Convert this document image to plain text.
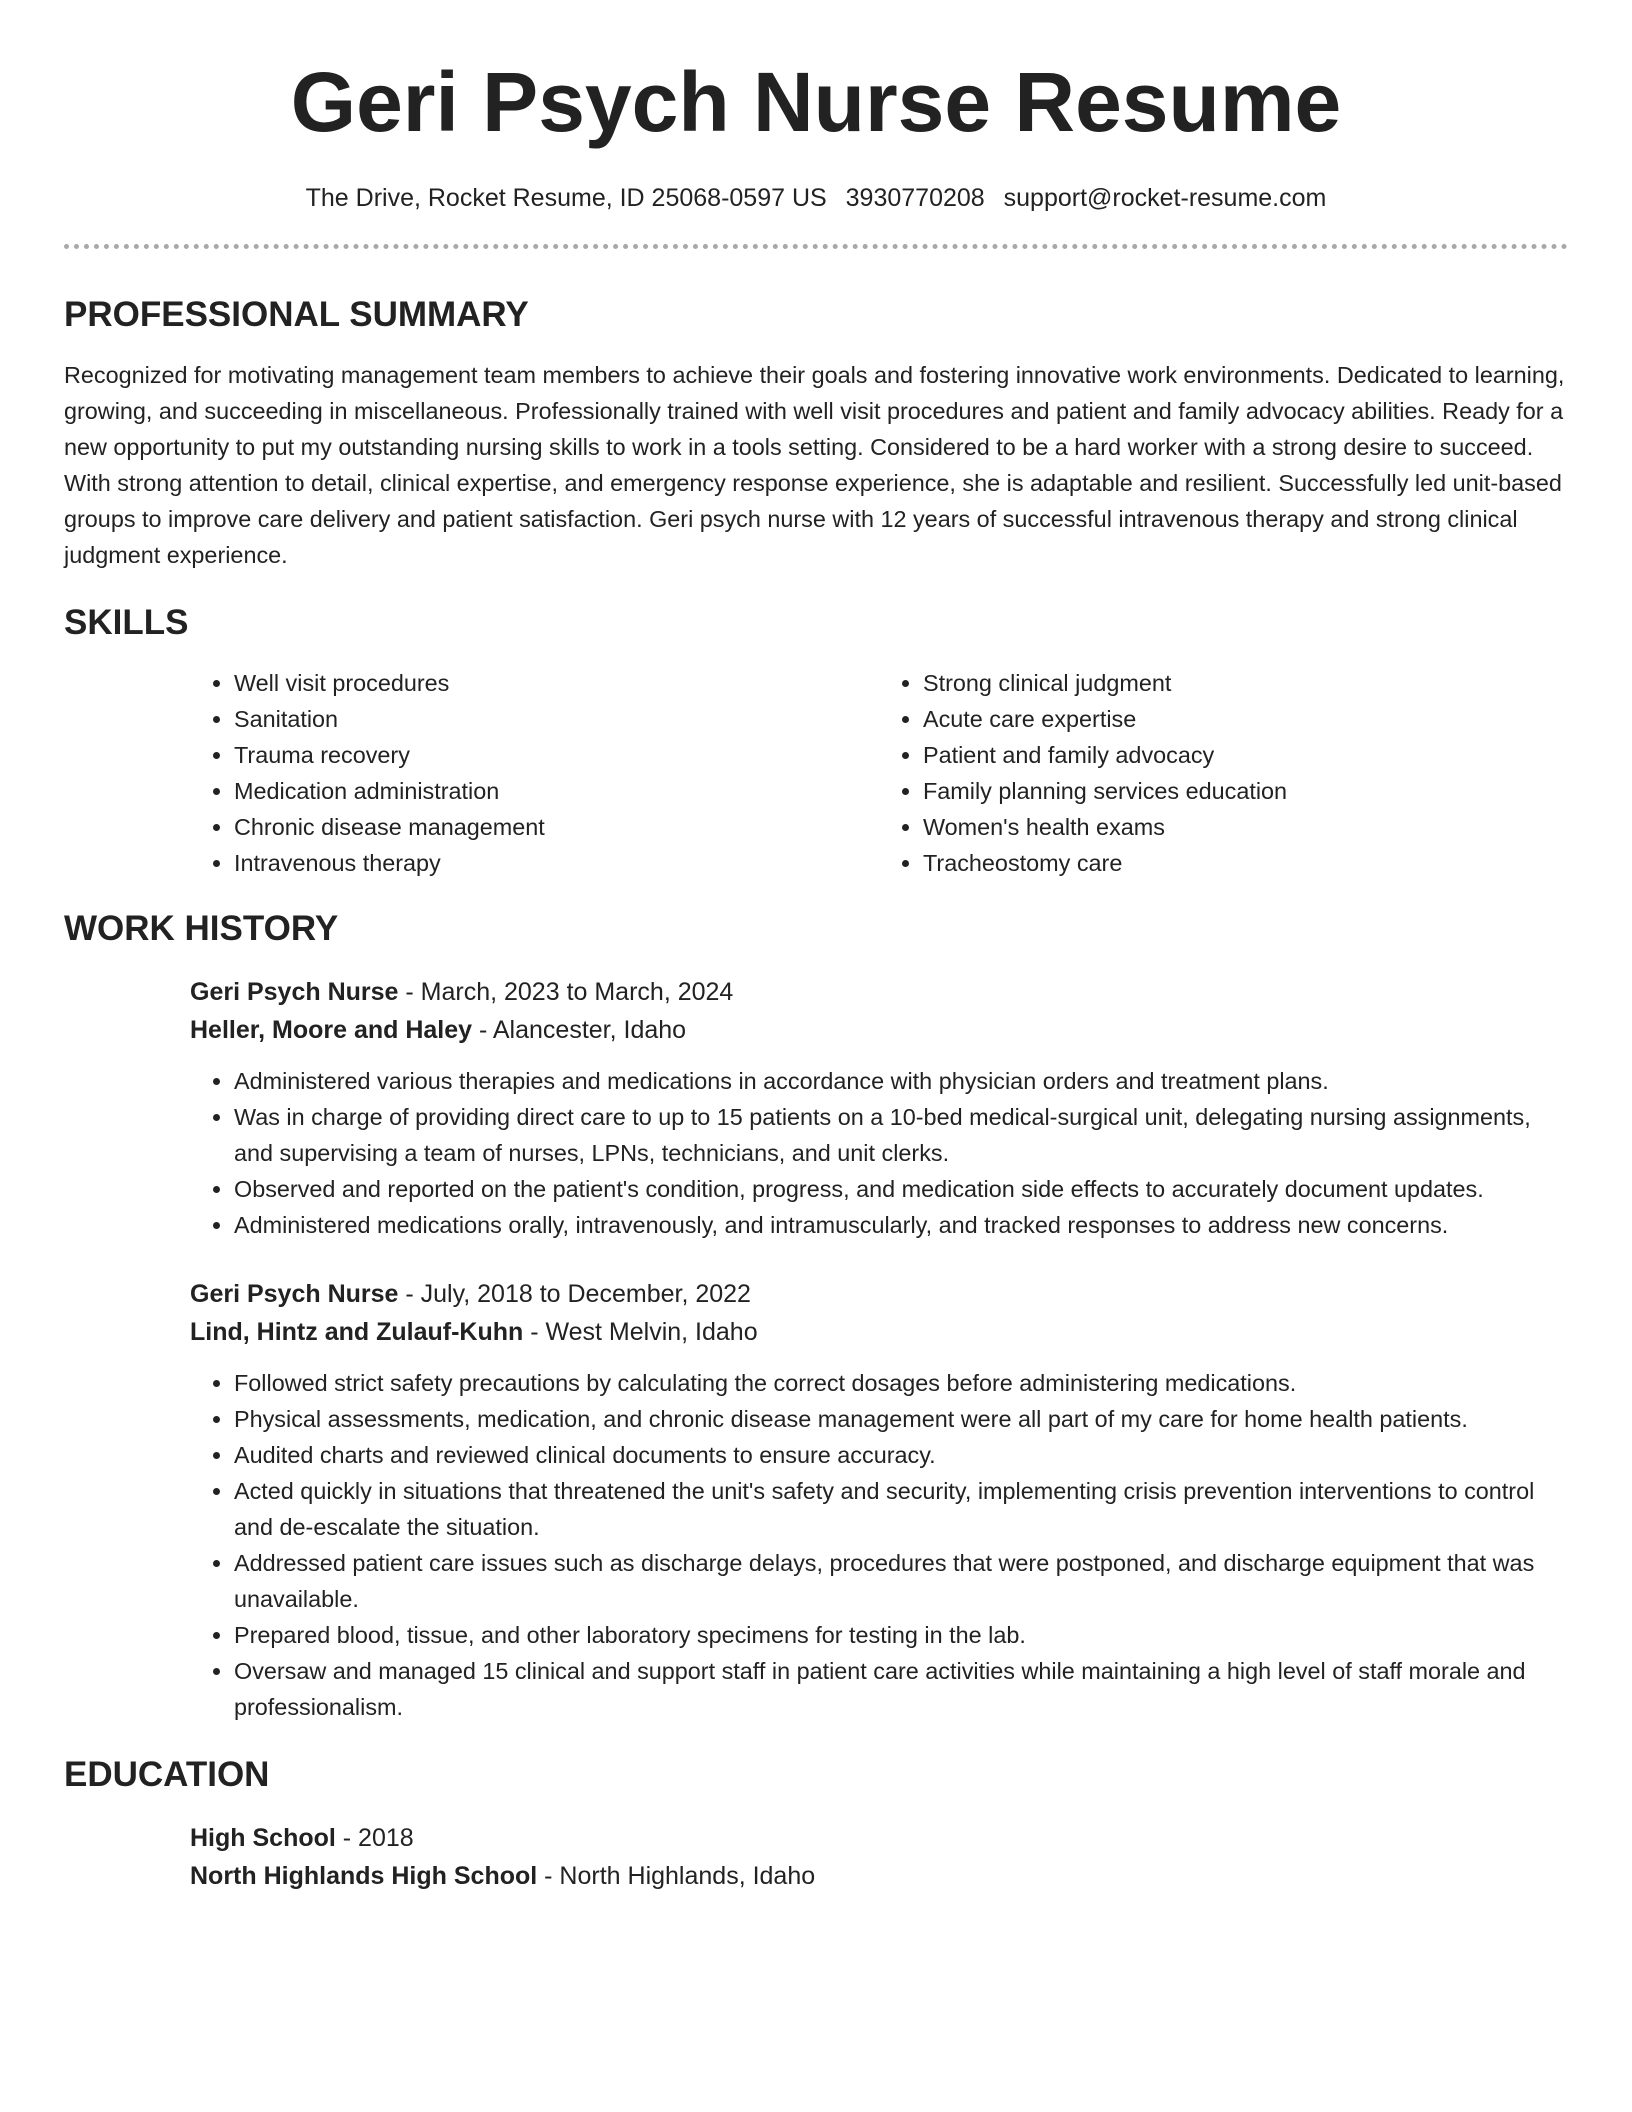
Geri Psych Nurse Resume
The Drive, Rocket Resume, ID 25068-0597 US 3930770208 support@rocket-resume.com
PROFESSIONAL SUMMARY

Recognized for motivating management team members to achieve their goals and fostering innovative work environments. Dedicated to learning, growing, and succeeding in miscellaneous. Professionally trained with well visit procedures and patient and family advocacy abilities. Ready for a new opportunity to put my outstanding nursing skills to work in a tools setting. Considered to be a hard worker with a strong desire to succeed. With strong attention to detail, clinical expertise, and emergency response experience, she is adaptable and resilient. Successfully led unit-based groups to improve care delivery and patient satisfaction. Geri psych nurse with 12 years of successful intravenous therapy and strong clinical judgment experience.

SKILLS
• Well visit procedures
• Sanitation
• Trauma recovery
• Medication administration
• Chronic disease management
• Intravenous therapy
• Strong clinical judgment
• Acute care expertise
• Patient and family advocacy
• Family planning services education
• Women's health exams
• Tracheostomy care
WORK HISTORY
Geri Psych Nurse - March, 2023 to March, 2024
Heller, Moore and Haley - Alancester, Idaho
• Administered various therapies and medications in accordance with physician orders and treatment plans.
• Was in charge of providing direct care to up to 15 patients on a 10-bed medical-surgical unit, delegating nursing assignments, and supervising a team of nurses, LPNs, technicians, and unit clerks.
• Observed and reported on the patient's condition, progress, and medication side effects to accurately document updates.
• Administered medications orally, intravenously, and intramuscularly, and tracked responses to address new concerns.
Geri Psych Nurse - July, 2018 to December, 2022
Lind, Hintz and Zulauf-Kuhn - West Melvin, Idaho
• Followed strict safety precautions by calculating the correct dosages before administering medications.
• Physical assessments, medication, and chronic disease management were all part of my care for home health patients.
• Audited charts and reviewed clinical documents to ensure accuracy.
• Acted quickly in situations that threatened the unit's safety and security, implementing crisis prevention interventions to control and de-escalate the situation.
• Addressed patient care issues such as discharge delays, procedures that were postponed, and discharge equipment that was unavailable.
• Prepared blood, tissue, and other laboratory specimens for testing in the lab.
• Oversaw and managed 15 clinical and support staff in patient care activities while maintaining a high level of staff morale and professionalism.
EDUCATION
High School - 2018
North Highlands High School - North Highlands, Idaho
